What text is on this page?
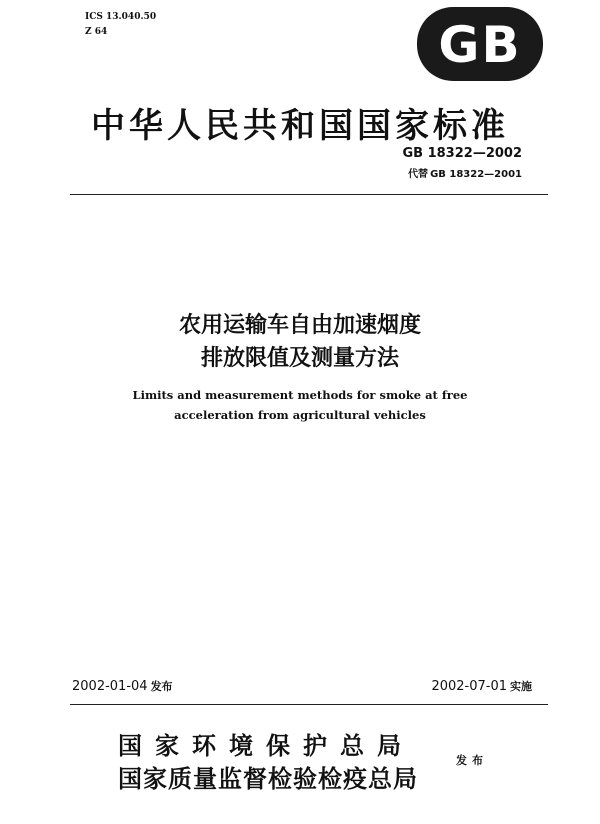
ICS 13.040.50
Z 64	GB
中华人民共和国国家标准
GB 18322—2002
代替 GB 18322—2001
农用运输车自由加速烟度
排放限值及测量方法
Limits and measurement methods for smoke at free
acceleration from agricultural vehicles
2002-01-04 发布	2002-07-01 实施
国家环境保护总局
国家质量监督检验检疫总局
发布
